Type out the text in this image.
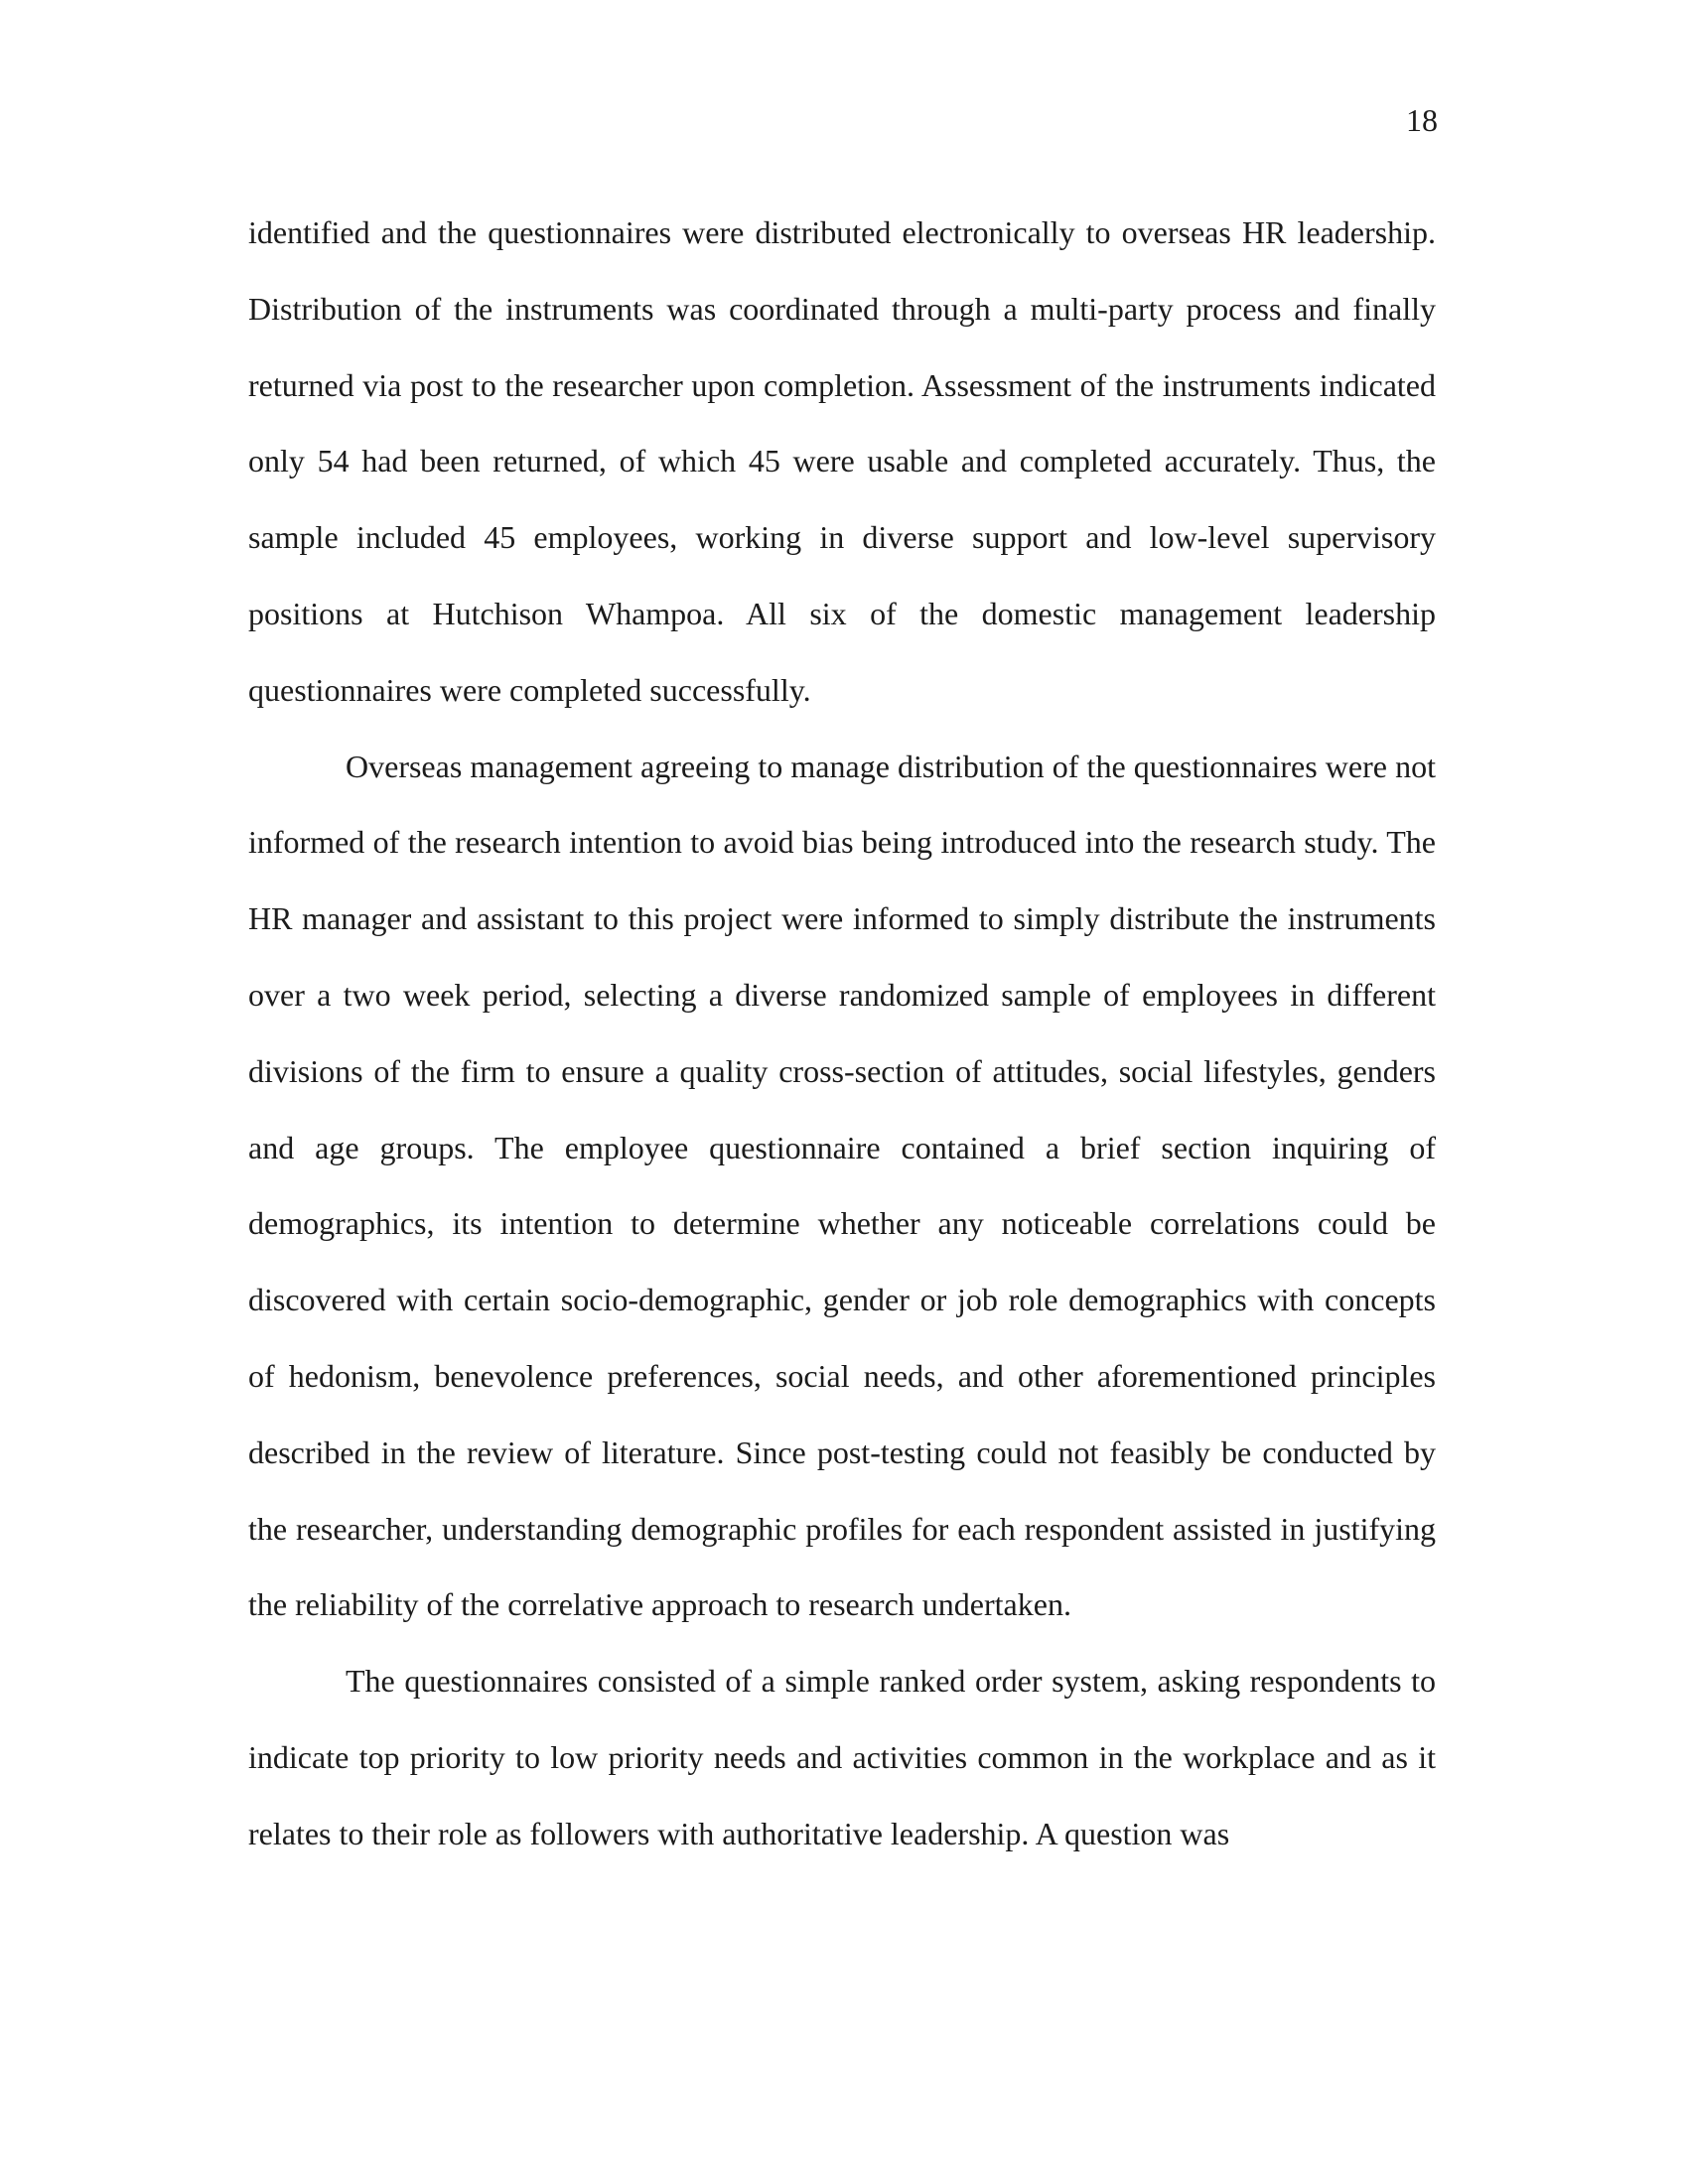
18

identified and the questionnaires were distributed electronically to overseas HR leadership. Distribution of the instruments was coordinated through a multi-party process and finally returned via post to the researcher upon completion. Assessment of the instruments indicated only 54 had been returned, of which 45 were usable and completed accurately. Thus, the sample included 45 employees, working in diverse support and low-level supervisory positions at Hutchison Whampoa. All six of the domestic management leadership questionnaires were completed successfully.

Overseas management agreeing to manage distribution of the questionnaires were not informed of the research intention to avoid bias being introduced into the research study. The HR manager and assistant to this project were informed to simply distribute the instruments over a two week period, selecting a diverse randomized sample of employees in different divisions of the firm to ensure a quality cross-section of attitudes, social lifestyles, genders and age groups. The employee questionnaire contained a brief section inquiring of demographics, its intention to determine whether any noticeable correlations could be discovered with certain socio-demographic, gender or job role demographics with concepts of hedonism, benevolence preferences, social needs, and other aforementioned principles described in the review of literature. Since post-testing could not feasibly be conducted by the researcher, understanding demographic profiles for each respondent assisted in justifying the reliability of the correlative approach to research undertaken.

The questionnaires consisted of a simple ranked order system, asking respondents to indicate top priority to low priority needs and activities common in the workplace and as it relates to their role as followers with authoritative leadership. A question was
